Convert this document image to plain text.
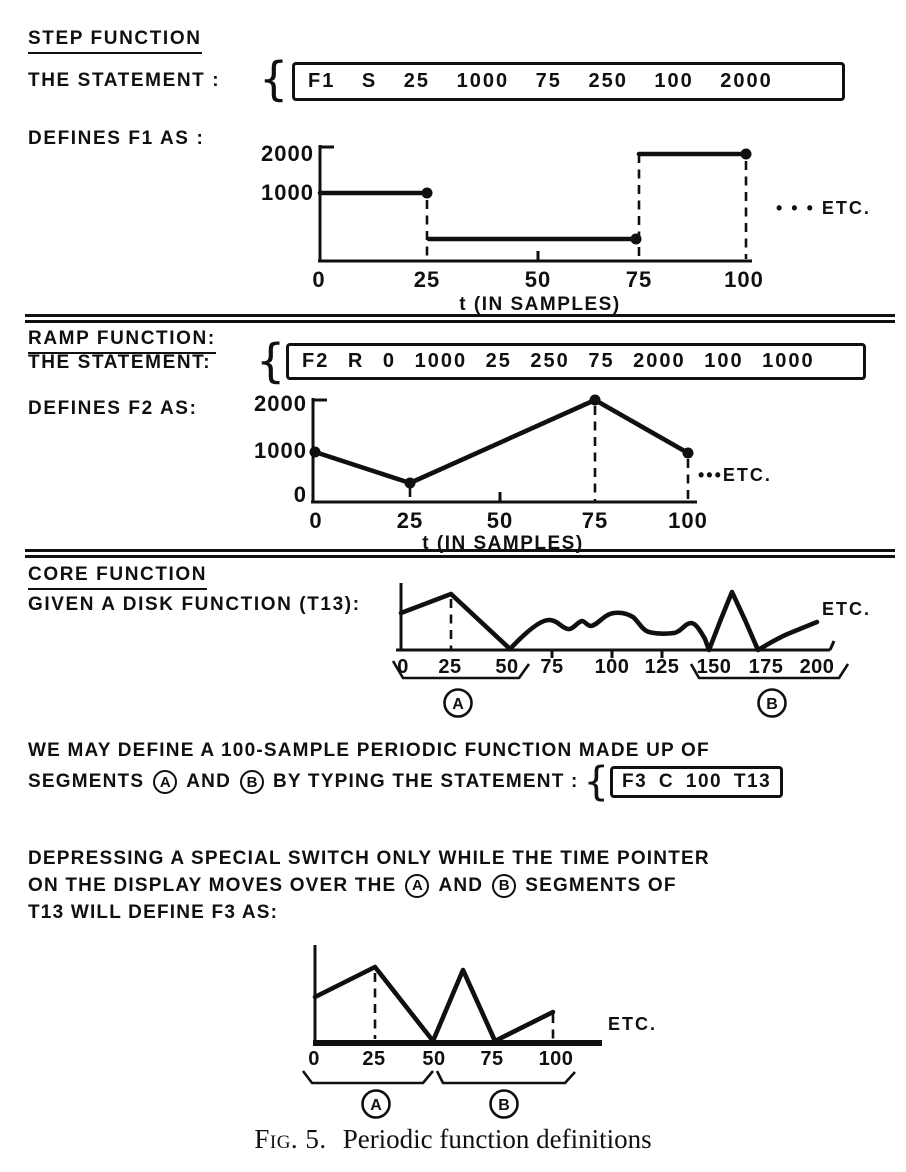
STEP FUNCTION
THE STATEMENT : { F1 S 25 1000 75 250 100 2000
DEFINES F1 AS :
2000
1000
0	25	50	75	100
t (IN SAMPLES)
• • • ETC.
RAMP FUNCTION:
THE STATEMENT: { F2 R 0 1000 25 250 75 2000 100 1000
DEFINES F2 AS:	2000
1000
0
0	25	50	75	100
t (IN SAMPLES)
•••ETC.
CORE FUNCTION
GIVEN A DISK FUNCTION (T13):
0 25 50 75 100 125 150 175 200
A	B
ETC.
WE MAY DEFINE A 100-SAMPLE PERIODIC FUNCTION MADE UP OF
SEGMENTS	A AND	B BY TYPING THE STATEMENT : { F3 C 100 T13
DEPRESSING A SPECIAL SWITCH ONLY WHILE THE TIME POINTER
ON THE DISPLAY MOVES OVER THE	A AND	B SEGMENTS OF
T13 WILL DEFINE F3 AS:
0 25 50 75 100
A	B
ETC.
Fig. 5. Periodic function definitions
